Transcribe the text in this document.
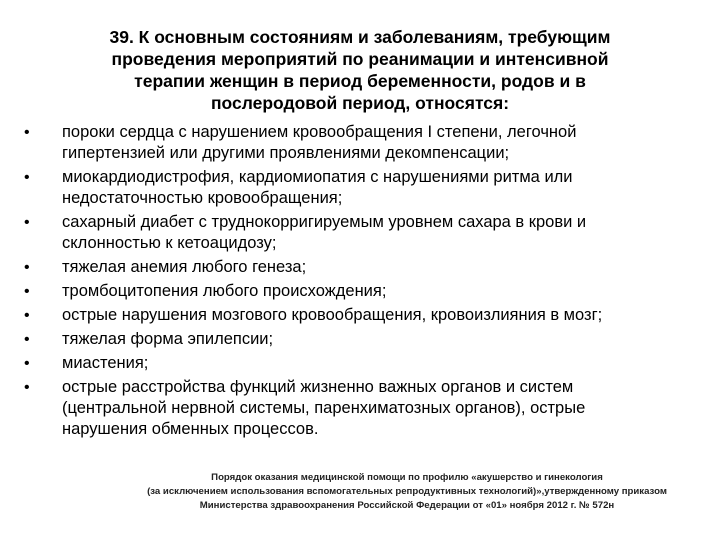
39. К основным состояниям и заболеваниям, требующим
проведения мероприятий по реанимации и интенсивной
терапии женщин в период беременности, родов и в
послеродовой период, относятся:
•	пороки сердца с нарушением кровообращения I степени, легочной
гипертензией или другими проявлениями декомпенсации;
•	миокардиодистрофия, кардиомиопатия с нарушениями ритма или
недостаточностью кровообращения;
•	сахарный диабет с труднокорригируемым уровнем сахара в крови и
склонностью к кетоацидозу;
•	тяжелая анемия любого генеза;
•	тромбоцитопения любого происхождения;
•	острые нарушения мозгового кровообращения, кровоизлияния в мозг;
•	тяжелая форма эпилепсии;
•	миастения;
•	острые расстройства функций жизненно важных органов и систем
(центральной нервной системы, паренхиматозных органов), острые
нарушения обменных процессов.
Порядок оказания медицинской помощи по профилю «акушерство и гинекология
(за исключением использования вспомогательных репродуктивных технологий)»,утвержденному приказом
Министерства здравоохранения Российской Федерации от «01» ноября 2012 г. № 572н
